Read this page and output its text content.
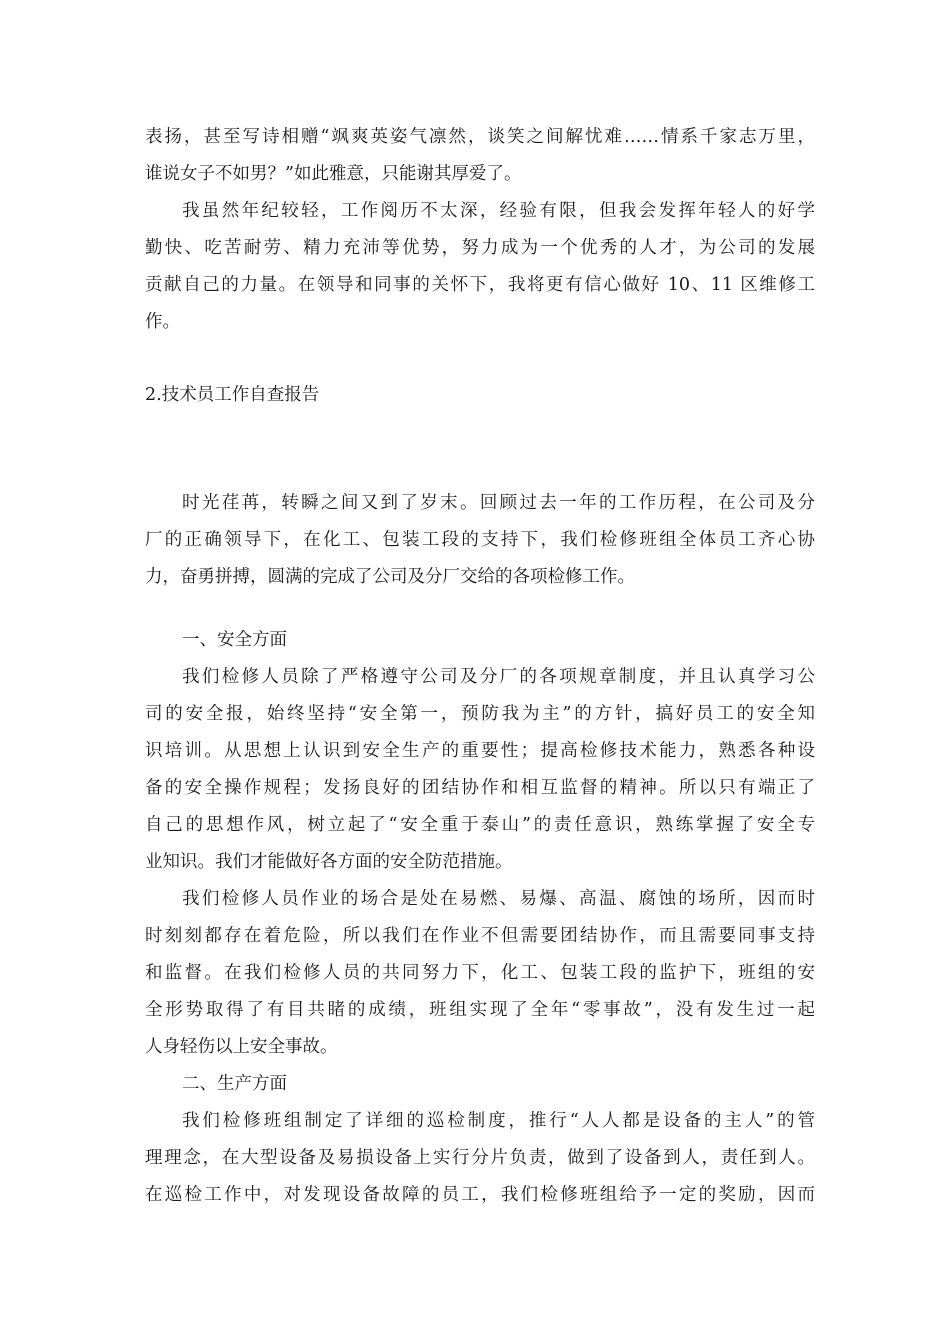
表扬，甚至写诗相赠“飒爽英姿气凛然，谈笑之间解忧难……情系千家志万里，
谁说女子不如男？”如此雅意，只能谢其厚爱了。
我虽然年纪较轻，工作阅历不太深，经验有限，但我会发挥年轻人的好学
勤快、吃苦耐劳、精力充沛等优势，努力成为一个优秀的人才，为公司的发展
贡献自己的力量。在领导和同事的关怀下，我将更有信心做好 10、11 区维修工
作。
2.技术员工作自查报告
时光荏苒，转瞬之间又到了岁末。回顾过去一年的工作历程，在公司及分
厂的正确领导下，在化工、包装工段的支持下，我们检修班组全体员工齐心协
力，奋勇拼搏，圆满的完成了公司及分厂交给的各项检修工作。
一、安全方面
我们检修人员除了严格遵守公司及分厂的各项规章制度，并且认真学习公
司的安全报，始终坚持“安全第一，预防我为主”的方针，搞好员工的安全知
识培训。从思想上认识到安全生产的重要性；提高检修技术能力，熟悉各种设
备的安全操作规程；发扬良好的团结协作和相互监督的精神。所以只有端正了
自己的思想作风，树立起了“安全重于泰山”的责任意识，熟练掌握了安全专
业知识。我们才能做好各方面的安全防范措施。
我们检修人员作业的场合是处在易燃、易爆、高温、腐蚀的场所，因而时
时刻刻都存在着危险，所以我们在作业不但需要团结协作，而且需要同事支持
和监督。在我们检修人员的共同努力下，化工、包装工段的监护下，班组的安
全形势取得了有目共睹的成绩，班组实现了全年“零事故”，没有发生过一起
人身轻伤以上安全事故。
二、生产方面
我们检修班组制定了详细的巡检制度，推行“人人都是设备的主人”的管
理理念，在大型设备及易损设备上实行分片负责，做到了设备到人，责任到人。
在巡检工作中，对发现设备故障的员工，我们检修班组给予一定的奖励，因而
